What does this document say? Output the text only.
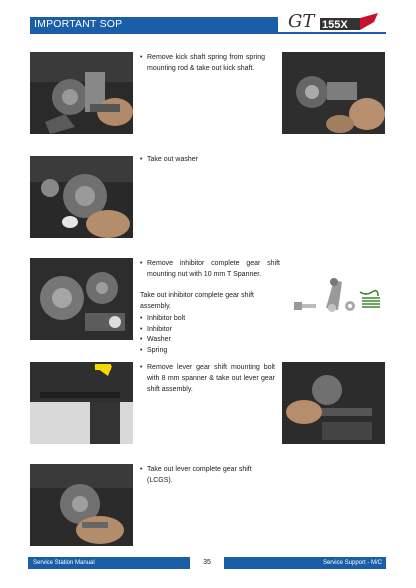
IMPORTANT SOP	GT 155X
• Remove kick shaft spring from spring mounting rod & take out kick shaft.
• Take out washer
• Remove inhibitor complete gear shift mounting nut with 10 mm T Spanner.
Take out inhibitor complete gear shift assembly.
• Inhibitor bolt
• Inhibitor
• Washer
• Spring
• Remove lever gear shift mounting bolt with 8 mm spanner & take out lever gear shift assembly.
• Take out lever complete gear shift (LCGS).
Service Station Manual	35	Service Support - M/C
